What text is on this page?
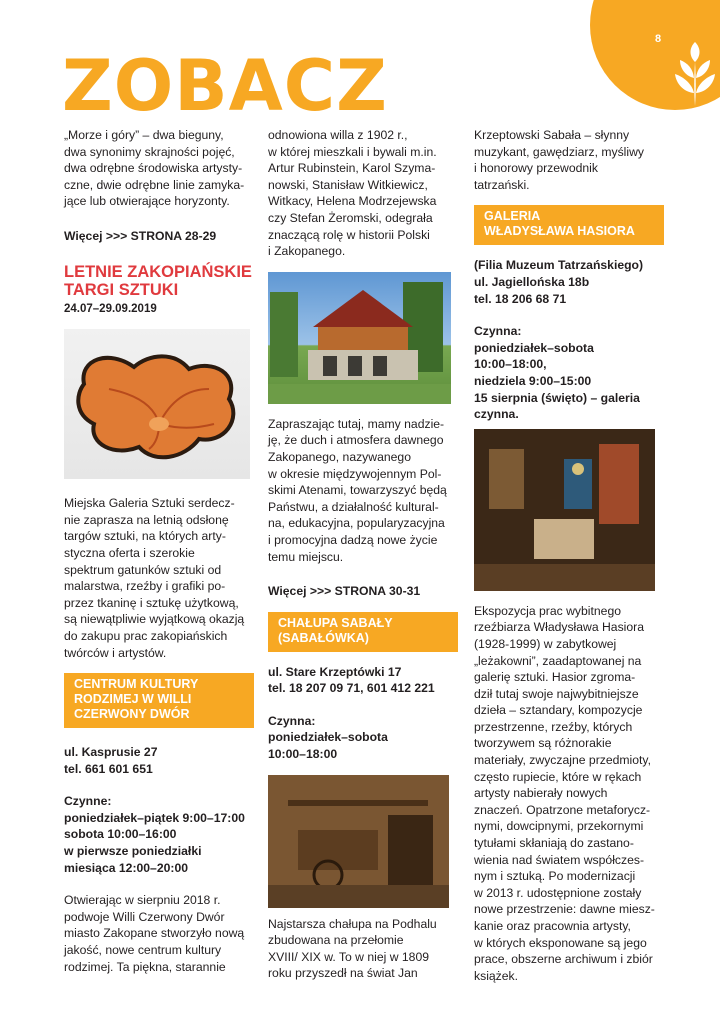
8
ZOBACZ
„Morze i góry” – dwa bieguny,
dwa synonimy skrajności pojęć,
dwa odrębne środowiska artysty-
czne, dwie odrębne linie zamyka-
jące lub otwierające horyzonty.
Więcej >>> STRONA 28-29
LETNIE ZAKOPIAŃSKIE
TARGI SZTUKI
24.07–29.09.2019
Miejska Galeria Sztuki serdecz-
nie zaprasza na letnią odsłonę
targów sztuki, na których arty-
styczna oferta i szerokie
spektrum gatunków sztuki od
malarstwa, rzeźby i grafiki po-
przez tkaninę i sztukę użytkową,
są niewątpliwie wyjątkową okazją
do zakupu prac zakopiańskich
twórców i artystów.
CENTRUM KULTURY
RODZIMEJ W WILLI
CZERWONY DWÓR
ul. Kasprusie 27
tel. 661 601 651
Czynne:
poniedziałek–piątek 9:00–17:00
sobota 10:00–16:00
w pierwsze poniedziałki
miesiąca 12:00–20:00
Otwierając w sierpniu 2018 r.
podwoje Willi Czerwony Dwór
miasto Zakopane stworzyło nową
jakość, nowe centrum kultury
rodzimej. Ta piękna, starannie
odnowiona willa z 1902 r.,
w której mieszkali i bywali m.in.
Artur Rubinstein, Karol Szyma-
nowski, Stanisław Witkiewicz,
Witkacy, Helena Modrzejewska
czy Stefan Żeromski, odegrała
znaczącą rolę w historii Polski
i Zakopanego.
Zapraszając tutaj, mamy nadzie-
ję, że duch i atmosfera dawnego
Zakopanego, nazywanego
w okresie międzywojennym Pol-
skimi Atenami, towarzyszyć będą
Państwu, a działalność kultural-
na, edukacyjna, popularyzacyjna
i promocyjna dadzą nowe życie
temu miejscu.
Więcej >>> STRONA 30-31
CHAŁUPA SABAŁY
(SABAŁÓWKA)
ul. Stare Krzeptówki 17
tel. 18 207 09 71, 601 412 221
Czynna:
poniedziałek–sobota
10:00–18:00
Najstarsza chałupa na Podhalu
zbudowana na przełomie
XVIII/ XIX w. To w niej w 1809
roku przyszedł na świat Jan
Krzeptowski Sabała – słynny
muzykant, gawędziarz, myśliwy
i honorowy przewodnik
tatrzański.
GALERIA
WŁADYSŁAWA HASIORA
(Filia Muzeum Tatrzańskiego)
ul. Jagiellońska 18b
tel. 18 206 68 71
Czynna:
poniedziałek–sobota
10:00–18:00,
niedziela 9:00–15:00
15 sierpnia (święto) – galeria
czynna.
Ekspozycja prac wybitnego
rzeźbiarza Władysława Hasiora
(1928-1999) w zabytkowej
„leżakowni”, zaadaptowanej na
galerię sztuki. Hasior zgroma-
dził tutaj swoje najwybitniejsze
dzieła – sztandary, kompozycje
przestrzenne, rzeźby, których
tworzywem są różnorakie
materiały, zwyczajne przedmioty,
często rupiecie, które w rękach
artysty nabierały nowych
znaczeń. Opatrzone metaforycz-
nymi, dowcipnymi, przekornymi
tytułami skłaniają do zastano-
wienia nad światem współczes-
nym i sztuką. Po modernizacji
w 2013 r. udostępnione zostały
nowe przestrzenie: dawne miesz-
kanie oraz pracownia artysty,
w których eksponowane są jego
prace, obszerne archiwum i zbiór
książek.
